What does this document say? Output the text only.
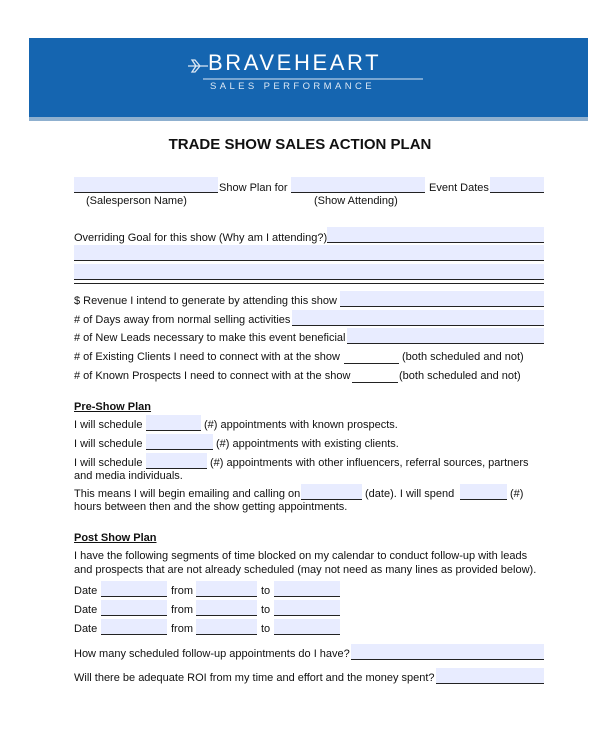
BRAVEHEART
SALES PERFORMANCE
TRADE SHOW SALES ACTION PLAN
Show Plan for	Event Dates
(Salesperson Name)	(Show Attending)
Overriding Goal for this show (Why am I attending?)
$ Revenue I intend to generate by attending this show
# of Days away from normal selling activities
# of New Leads necessary to make this event beneficial
# of Existing Clients I need to connect with at the show	(both scheduled and not)
# of Known Prospects I need to connect with at the show	(both scheduled and not)
Pre-Show Plan
I will schedule	(#) appointments with known prospects.
I will schedule	(#) appointments with existing clients.
I will schedule	(#) appointments with other influencers, referral sources, partners
and media individuals.
This means I will begin emailing and calling on	(date). I will spend	(#)
hours between then and the show getting appointments.
Post Show Plan
I have the following segments of time blocked on my calendar to conduct follow-up with leads
and prospects that are not already scheduled (may not need as many lines as provided below).
Date	from	to
Date	from	to
Date	from	to
How many scheduled follow-up appointments do I have?
Will there be adequate ROI from my time and effort and the money spent?
